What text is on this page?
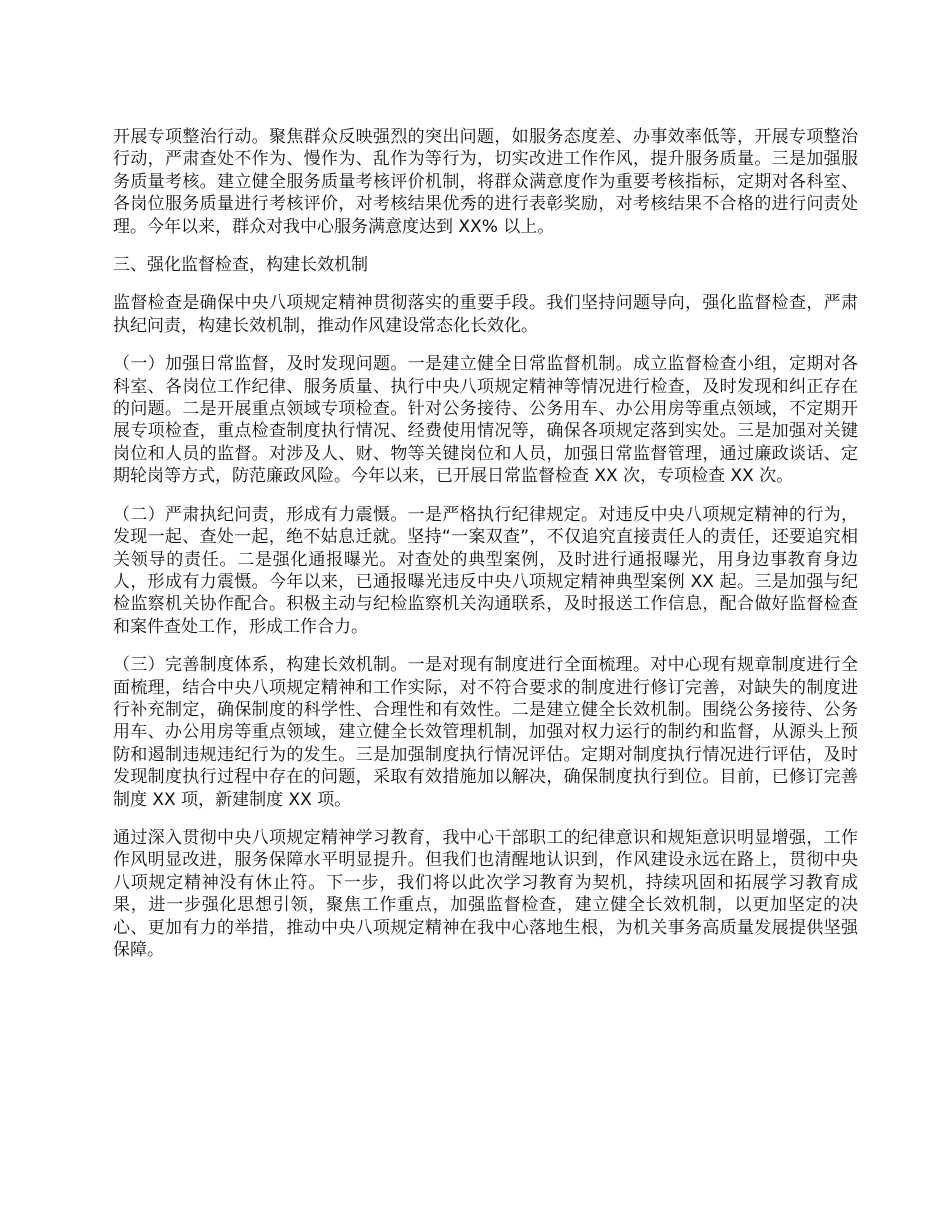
开展专项整治行动。聚焦群众反映强烈的突出问题，如服务态度差、办事效率低等，开展专项整治行动，严肃查处不作为、慢作为、乱作为等行为，切实改进工作作风，提升服务质量。三是加强服务质量考核。建立健全服务质量考核评价机制，将群众满意度作为重要考核指标，定期对各科室、各岗位服务质量进行考核评价，对考核结果优秀的进行表彰奖励，对考核结果不合格的进行问责处理。今年以来，群众对我中心服务满意度达到 XX% 以上。

三、强化监督检查，构建长效机制

监督检查是确保中央八项规定精神贯彻落实的重要手段。我们坚持问题导向，强化监督检查，严肃执纪问责，构建长效机制，推动作风建设常态化长效化。

（一）加强日常监督，及时发现问题。一是建立健全日常监督机制。成立监督检查小组，定期对各科室、各岗位工作纪律、服务质量、执行中央八项规定精神等情况进行检查，及时发现和纠正存在的问题。二是开展重点领域专项检查。针对公务接待、公务用车、办公用房等重点领域，不定期开展专项检查，重点检查制度执行情况、经费使用情况等，确保各项规定落到实处。三是加强对关键岗位和人员的监督。对涉及人、财、物等关键岗位和人员，加强日常监督管理，通过廉政谈话、定期轮岗等方式，防范廉政风险。今年以来，已开展日常监督检查 XX 次，专项检查 XX 次。

（二）严肃执纪问责，形成有力震慑。一是严格执行纪律规定。对违反中央八项规定精神的行为，发现一起、查处一起，绝不姑息迁就。坚持“一案双查”，不仅追究直接责任人的责任，还要追究相关领导的责任。二是强化通报曝光。对查处的典型案例，及时进行通报曝光，用身边事教育身边人，形成有力震慑。今年以来，已通报曝光违反中央八项规定精神典型案例 XX 起。三是加强与纪检监察机关协作配合。积极主动与纪检监察机关沟通联系，及时报送工作信息，配合做好监督检查和案件查处工作，形成工作合力。

（三）完善制度体系，构建长效机制。一是对现有制度进行全面梳理。对中心现有规章制度进行全面梳理，结合中央八项规定精神和工作实际，对不符合要求的制度进行修订完善，对缺失的制度进行补充制定，确保制度的科学性、合理性和有效性。二是建立健全长效机制。围绕公务接待、公务用车、办公用房等重点领域，建立健全长效管理机制，加强对权力运行的制约和监督，从源头上预防和遏制违规违纪行为的发生。三是加强制度执行情况评估。定期对制度执行情况进行评估，及时发现制度执行过程中存在的问题，采取有效措施加以解决，确保制度执行到位。目前，已修订完善制度 XX 项，新建制度 XX 项。

通过深入贯彻中央八项规定精神学习教育，我中心干部职工的纪律意识和规矩意识明显增强，工作作风明显改进，服务保障水平明显提升。但我们也清醒地认识到，作风建设永远在路上，贯彻中央八项规定精神没有休止符。下一步，我们将以此次学习教育为契机，持续巩固和拓展学习教育成果，进一步强化思想引领，聚焦工作重点，加强监督检查，建立健全长效机制，以更加坚定的决心、更加有力的举措，推动中央八项规定精神在我中心落地生根，为机关事务高质量发展提供坚强保障。
